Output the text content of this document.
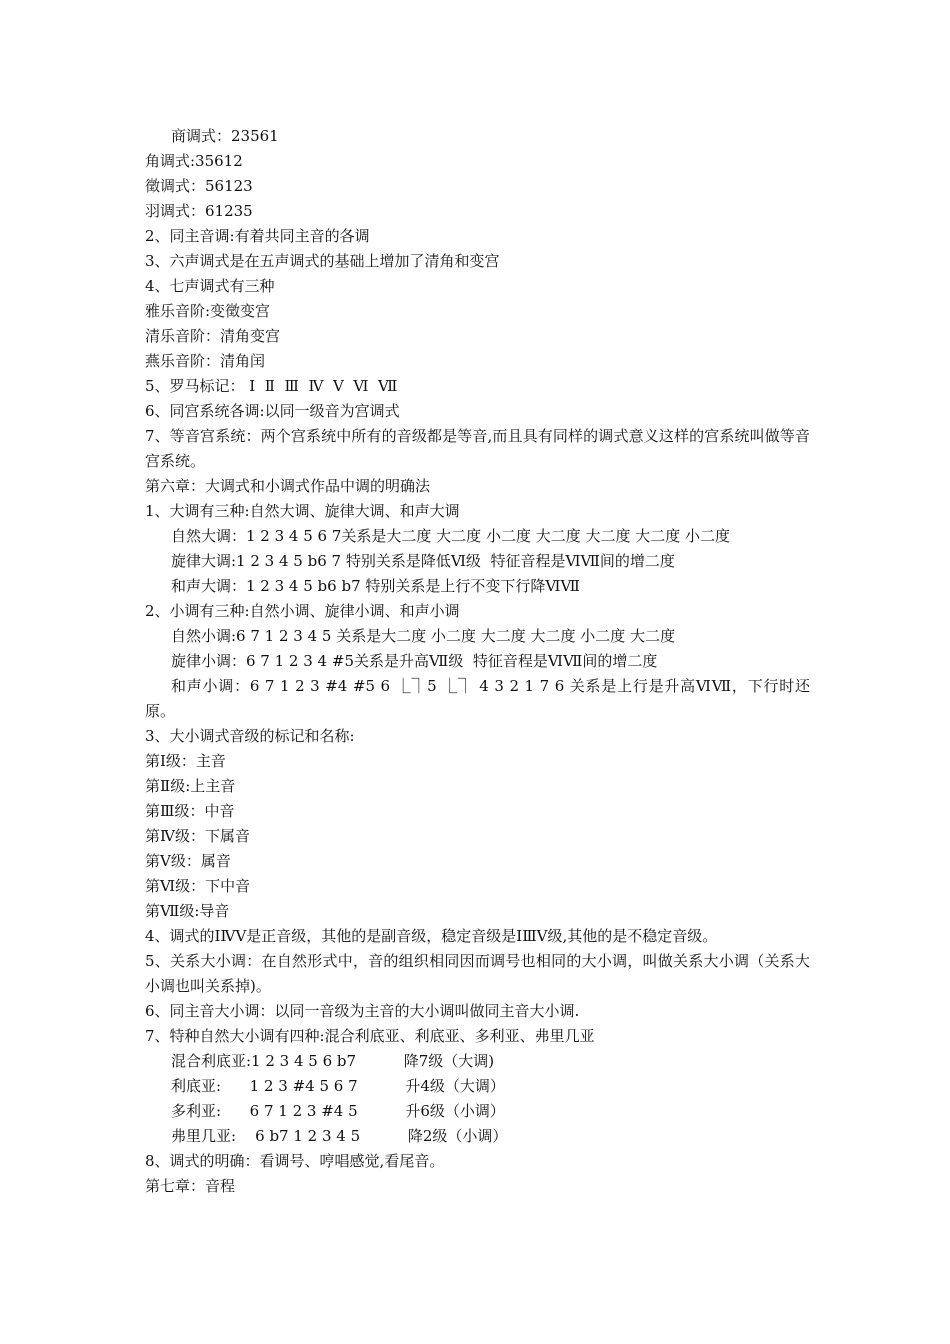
商调式：23561
角调式:35612
徵调式：56123
羽调式：61235
2、同主音调:有着共同主音的各调
3、六声调式是在五声调式的基础上增加了清角和变宫
4、七声调式有三种
雅乐音阶:变徵变宫
清乐音阶：清角变宫
燕乐音阶：清角闰
5、罗马标记： Ⅰ  Ⅱ  Ⅲ  Ⅳ  Ⅴ  Ⅵ  Ⅶ
6、同宫系统各调:以同一级音为宫调式
7、等音宫系统：两个宫系统中所有的音级都是等音,而且具有同样的调式意义这样的宫系统叫做等音宫系统。
第六章：大调式和小调式作品中调的明确法
1、大调有三种:自然大调、旋律大调、和声大调
自然大调：1 2 3 4 5 6 7关系是大二度 大二度 小二度 大二度 大二度 大二度 小二度
旋律大调:1 2 3 4 5 b6 7 特别关系是降低Ⅵ级  特征音程是ⅥⅦ间的增二度
和声大调：1 2 3 4 5 b6 b7 特别关系是上行不变下行降ⅥⅦ
2、小调有三种:自然小调、旋律小调、和声小调
自然小调:6 7 1 2 3 4 5 关系是大二度 小二度 大二度 大二度 小二度 大二度
旋律小调：6 7 1 2 3 4 #5关系是升高Ⅶ级  特征音程是ⅥⅦ间的增二度
和声小调：6 7 1 2 3 #4 #5 6 ⎿⏋5 ⎿⏋ 4 3 2 1 7 6 关系是上行是升高ⅥⅦ，下行时还原。
3、大小调式音级的标记和名称:
第Ⅰ级：主音
第Ⅱ级:上主音
第Ⅲ级：中音
第Ⅳ级：下属音
第Ⅴ级：属音
第Ⅵ级：下中音
第Ⅶ级:导音
4、调式的ⅠⅣⅤ是正音级，其他的是副音级，稳定音级是ⅠⅢⅤ级,其他的是不稳定音级。
5、关系大小调：在自然形式中，音的组织相同因而调号也相同的大小调，叫做关系大小调（关系大小调也叫关系掉)。
6、同主音大小调：以同一音级为主音的大小调叫做同主音大小调.
7、特种自然大小调有四种:混合利底亚、利底亚、多利亚、弗里几亚
混合利底亚:1 2 3 4 5 6 b7          降7级（大调)
利底亚:      1 2 3 #4 5 6 7          升4级（大调）
多利亚:      6 7 1 2 3 #4 5          升6级（小调）
弗里几亚:    6 b7 1 2 3 4 5          降2级（小调）
8、调式的明确：看调号、哼唱感觉,看尾音。
第七章：音程
